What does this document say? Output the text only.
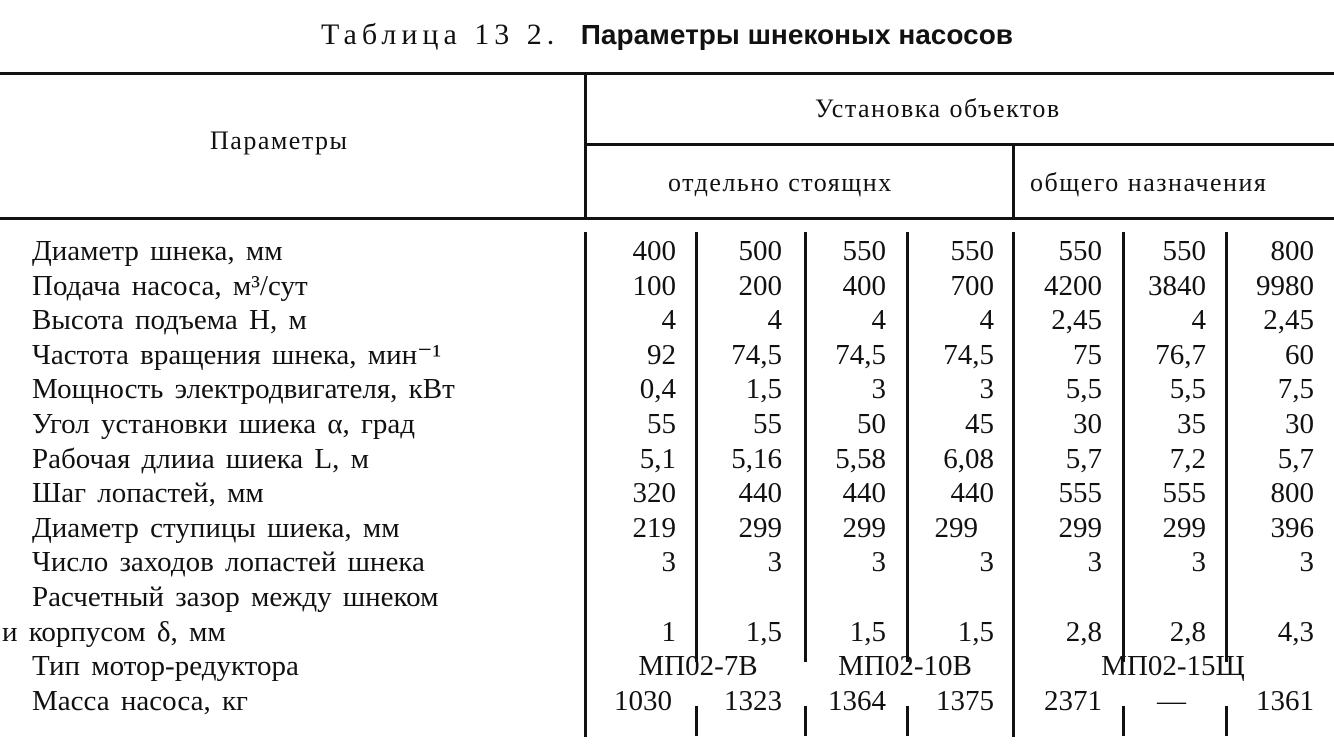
Таблица 13 2. Параметры шнеконых насосов
Параметры
Установка объектов
отдельно стоящнх	общего назначения
Диаметр шнека, мм	400 500 550 550 550 550 800
Подача насоса, м³/сут	100 200 400 700 4200 3840 9980
Высота подъема H, м	4	4	4	4 2,45	4 2,45
Частота вращения шнека, мин⁻¹	92 74,5 74,5 74,5	75 76,7	60
Мощность электродвигателя, кВт	0,4 1,5	3	3 5,5 5,5 7,5
Угол установки шиека α, град	55	55	50	45	30	35	30
Рабочая длииа шиека L, м	5,1 5,16 5,58 6,08 5,7 7,2 5,7
Шаг лопастей, мм	320 440 440 440 555 555 800
Диаметр ступицы шиека, мм	219 299 299 299	299 299 396
Число заходов лопастей шнека	3	3	3	3	3	3	3
Расчетный зазор между шнеком
и корпусом δ, мм	1 1,5 1,5 1,5 2,8 2,8 4,3
Тип мотор-редуктора	МП02-7В	МП02-10В	МП02-15Щ
Масса насоса, кг	1030 1323 1364 1375 2371 — 1361
